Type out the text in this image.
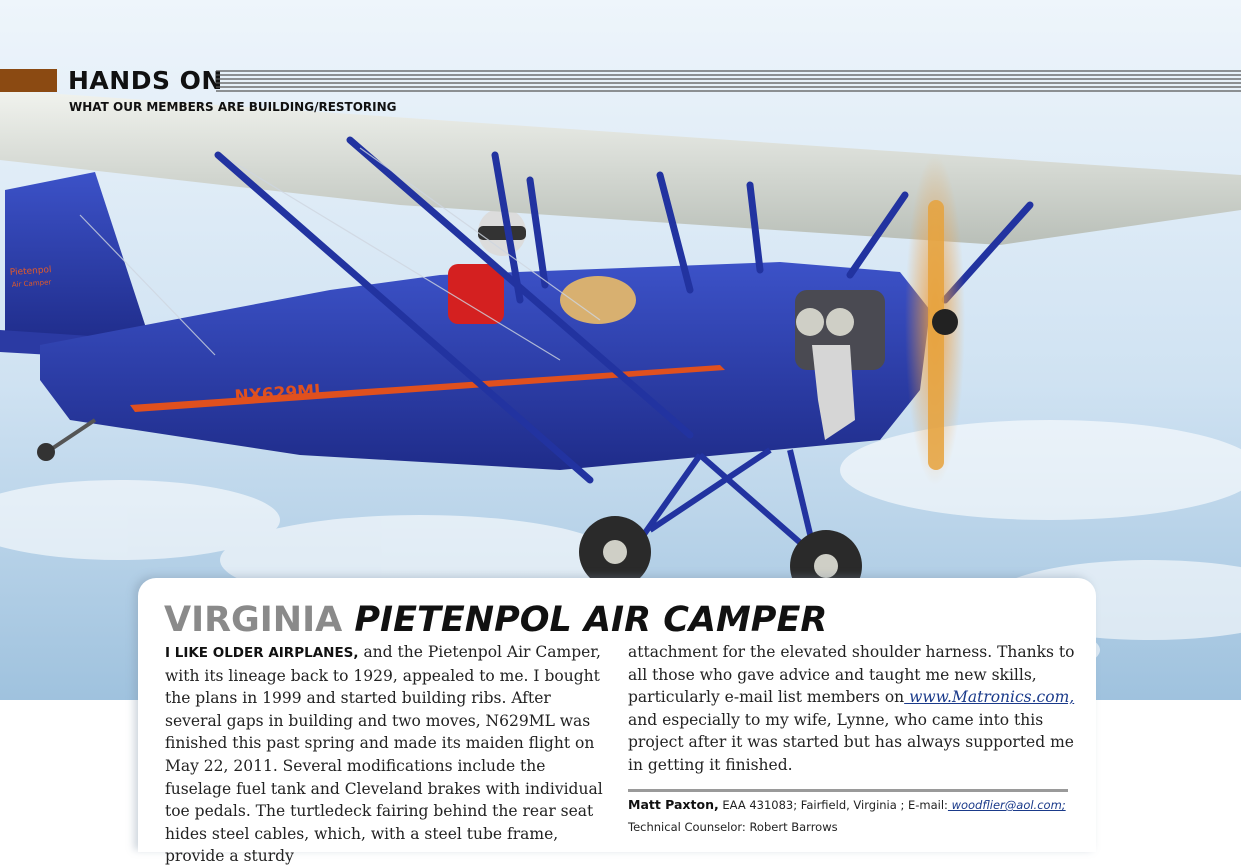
Pietenpol
Air Camper
NX629ML
HANDS ON
WHAT OUR MEMBERS ARE BUILDING/RESTORING
VIRGINIA PIETENPOL AIR CAMPER
I LIKE OLDER AIRPLANES, and the Pietenpol Air Camper, with its lineage back to 1929, appealed to me. I bought the plans in 1999 and started building ribs. After several gaps in building and two moves, N629ML was finished this past spring and made its maiden flight on May 22, 2011. Several modifications include the fuselage fuel tank and Cleveland brakes with individual toe pedals. The turtledeck fairing behind the rear seat hides steel cables, which, with a steel tube frame, provide a sturdy
attachment for the elevated shoulder harness. Thanks to all those who gave advice and taught me new skills, particularly e-mail list members on www.Matronics.com, and especially to my wife, Lynne, who came into this project after it was started but has always supported me in getting it finished.
Matt Paxton, EAA 431083; Fairfield, Virginia ; E-mail: woodflier@aol.com;
Technical Counselor: Robert Barrows
